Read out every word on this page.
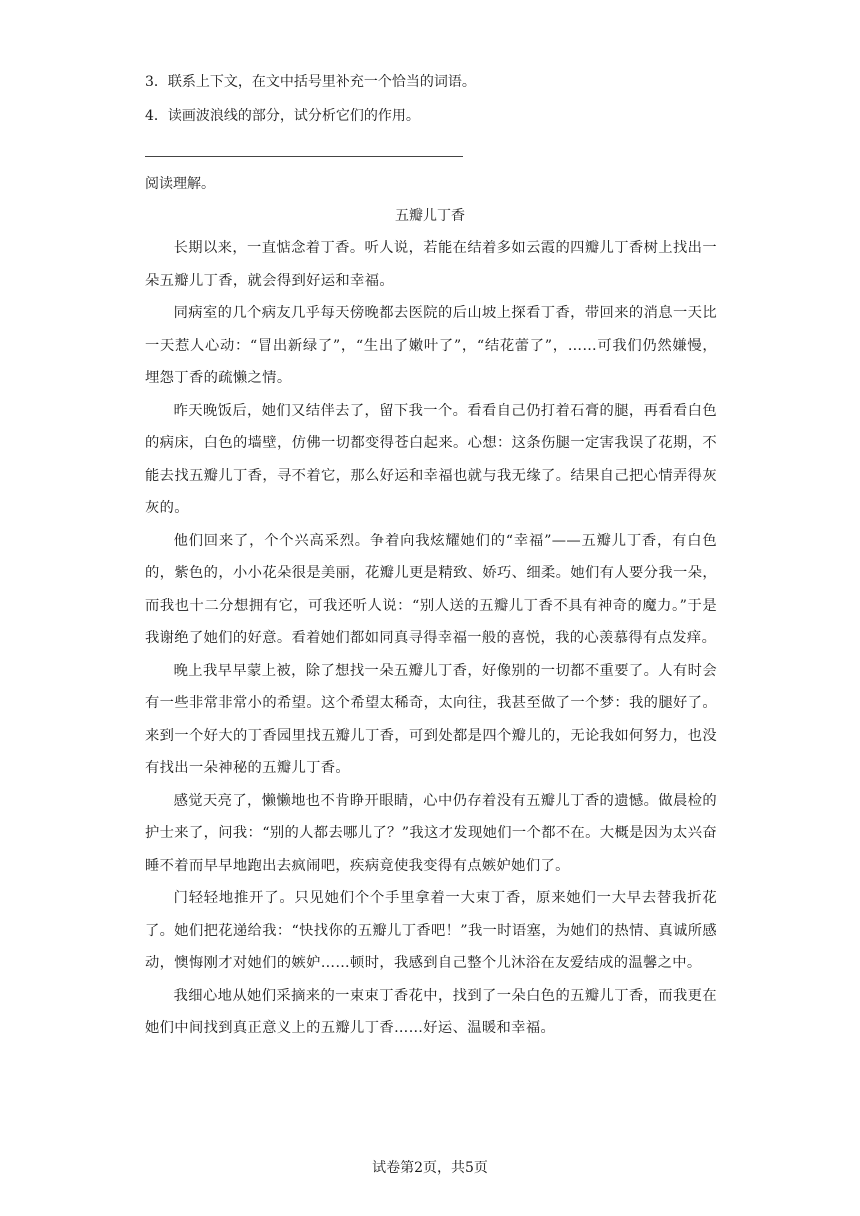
3．联系上下文，在文中括号里补充一个恰当的词语。
4．读画波浪线的部分，试分析它们的作用。
阅读理解。
五瓣儿丁香

长期以来，一直惦念着丁香。听人说，若能在结着多如云霞的四瓣儿丁香树上找出一朵五瓣儿丁香，就会得到好运和幸福。

同病室的几个病友几乎每天傍晚都去医院的后山坡上探看丁香，带回来的消息一天比一天惹人心动：“冒出新绿了”，“生出了嫩叶了”，“结花蕾了”，……可我们仍然嫌慢，埋怨丁香的疏懒之情。

昨天晚饭后，她们又结伴去了，留下我一个。看看自己仍打着石膏的腿，再看看白色的病床，白色的墙壁，仿佛一切都变得苍白起来。心想：这条伤腿一定害我误了花期，不能去找五瓣儿丁香，寻不着它，那么好运和幸福也就与我无缘了。结果自己把心情弄得灰灰的。

他们回来了，个个兴高采烈。争着向我炫耀她们的“幸福”——五瓣儿丁香，有白色的，紫色的，小小花朵很是美丽，花瓣儿更是精致、娇巧、细柔。她们有人要分我一朵，而我也十二分想拥有它，可我还听人说：“别人送的五瓣儿丁香不具有神奇的魔力。”于是我谢绝了她们的好意。看着她们都如同真寻得幸福一般的喜悦，我的心羡慕得有点发痒。

晚上我早早蒙上被，除了想找一朵五瓣儿丁香，好像别的一切都不重要了。人有时会有一些非常非常小的希望。这个希望太稀奇，太向往，我甚至做了一个梦：我的腿好了。来到一个好大的丁香园里找五瓣儿丁香，可到处都是四个瓣儿的，无论我如何努力，也没有找出一朵神秘的五瓣儿丁香。

感觉天亮了，懒懒地也不肯睁开眼睛，心中仍存着没有五瓣儿丁香的遗憾。做晨检的护士来了，问我：“别的人都去哪儿了？”我这才发现她们一个都不在。大概是因为太兴奋睡不着而早早地跑出去疯闹吧，疾病竟使我变得有点嫉妒她们了。

门轻轻地推开了。只见她们个个手里拿着一大束丁香，原来她们一大早去替我折花了。她们把花递给我：“快找你的五瓣儿丁香吧！”我一时语塞，为她们的热情、真诚所感动，懊悔刚才对她们的嫉妒……顿时，我感到自己整个儿沐浴在友爱结成的温馨之中。

我细心地从她们采摘来的一束束丁香花中，找到了一朵白色的五瓣儿丁香，而我更在她们中间找到真正意义上的五瓣儿丁香……好运、温暖和幸福。

试卷第2页，共5页
